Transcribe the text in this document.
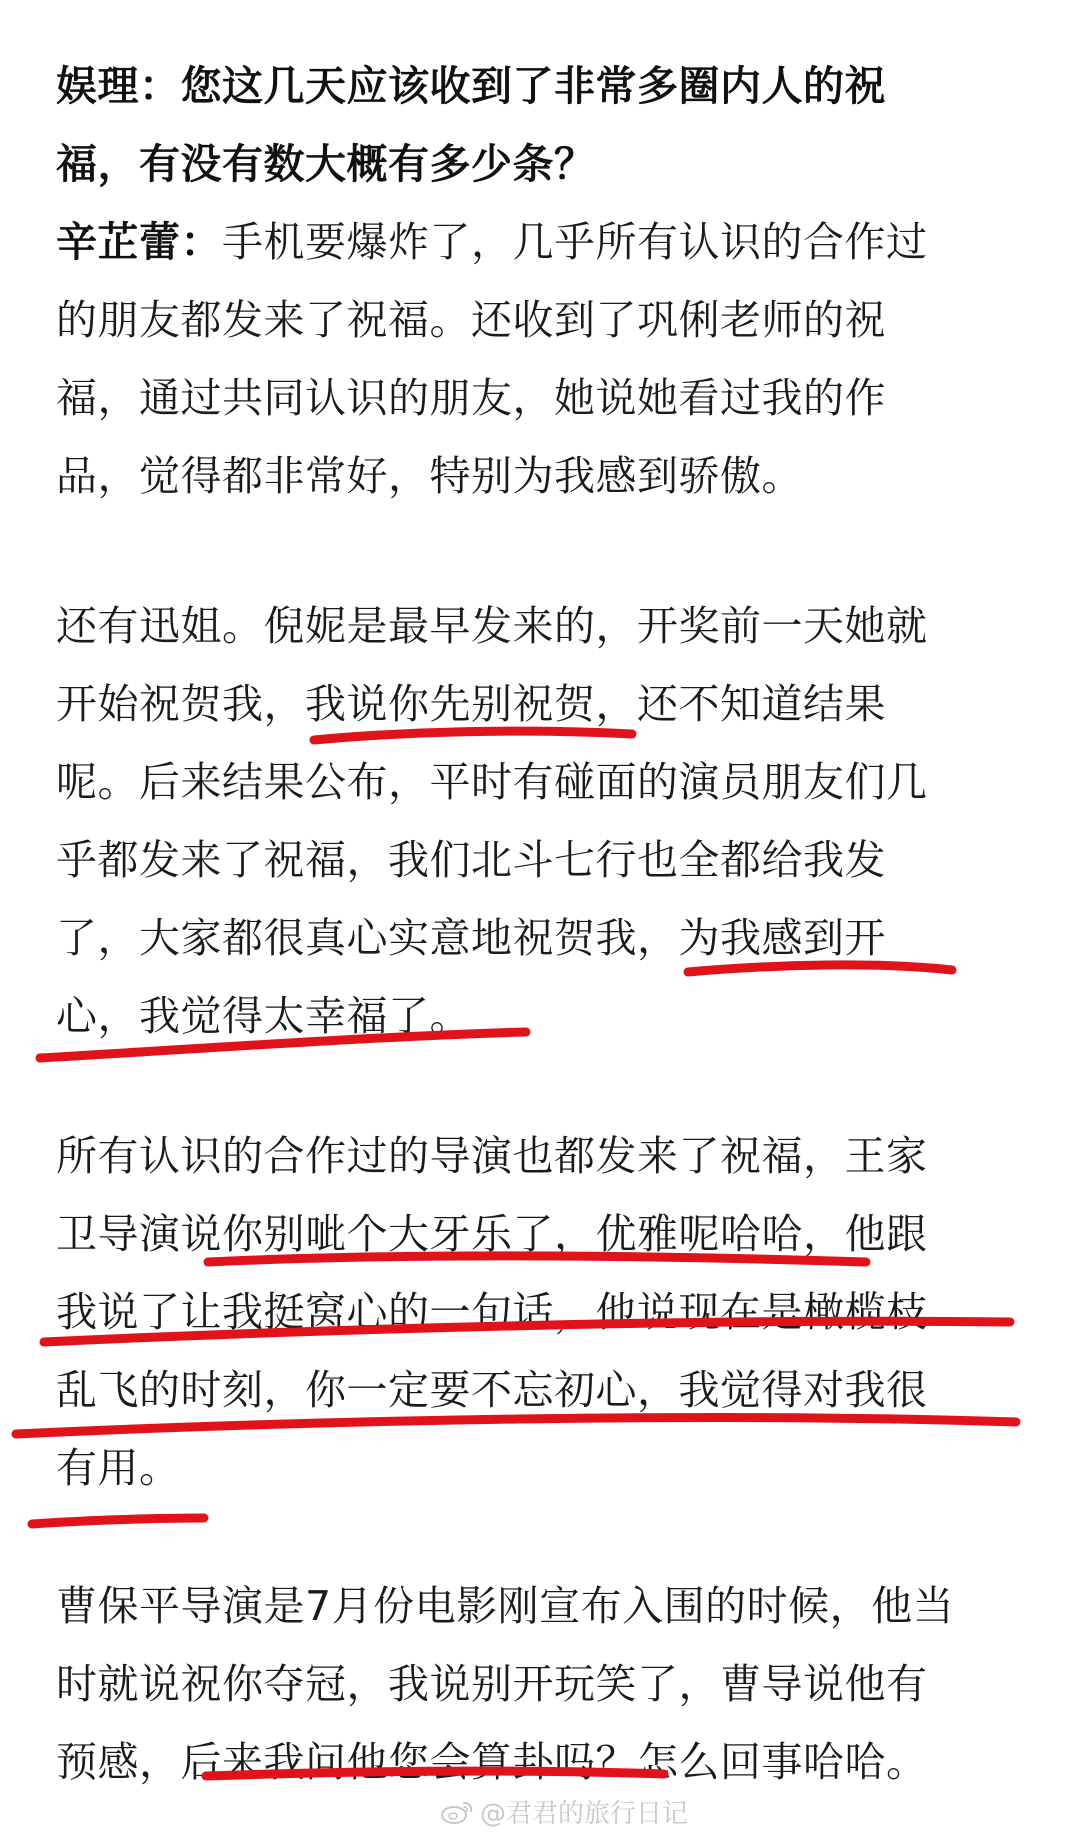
娱理：您这几天应该收到了非常多圈内人的祝
福，有没有数大概有多少条？
辛芷蕾：手机要爆炸了，几乎所有认识的合作过
的朋友都发来了祝福。还收到了巩俐老师的祝
福，通过共同认识的朋友，她说她看过我的作
品，觉得都非常好，特别为我感到骄傲。
还有迅姐。倪妮是最早发来的，开奖前一天她就
开始祝贺我，我说你先别祝贺，还不知道结果
呢。后来结果公布，平时有碰面的演员朋友们几
乎都发来了祝福，我们北斗七行也全都给我发
了，大家都很真心实意地祝贺我，为我感到开
心，我觉得太幸福了。
所有认识的合作过的导演也都发来了祝福，王家
卫导演说你别呲个大牙乐了，优雅呢哈哈，他跟
我说了让我挺窝心的一句话，他说现在是橄榄枝
乱飞的时刻，你一定要不忘初心，我觉得对我很
有用。
曹保平导演是7月份电影刚宣布入围的时候，他当
时就说祝你夺冠，我说别开玩笑了，曹导说他有
预感，后来我问他您会算卦吗？怎么回事哈哈。
@君君的旅行日记
